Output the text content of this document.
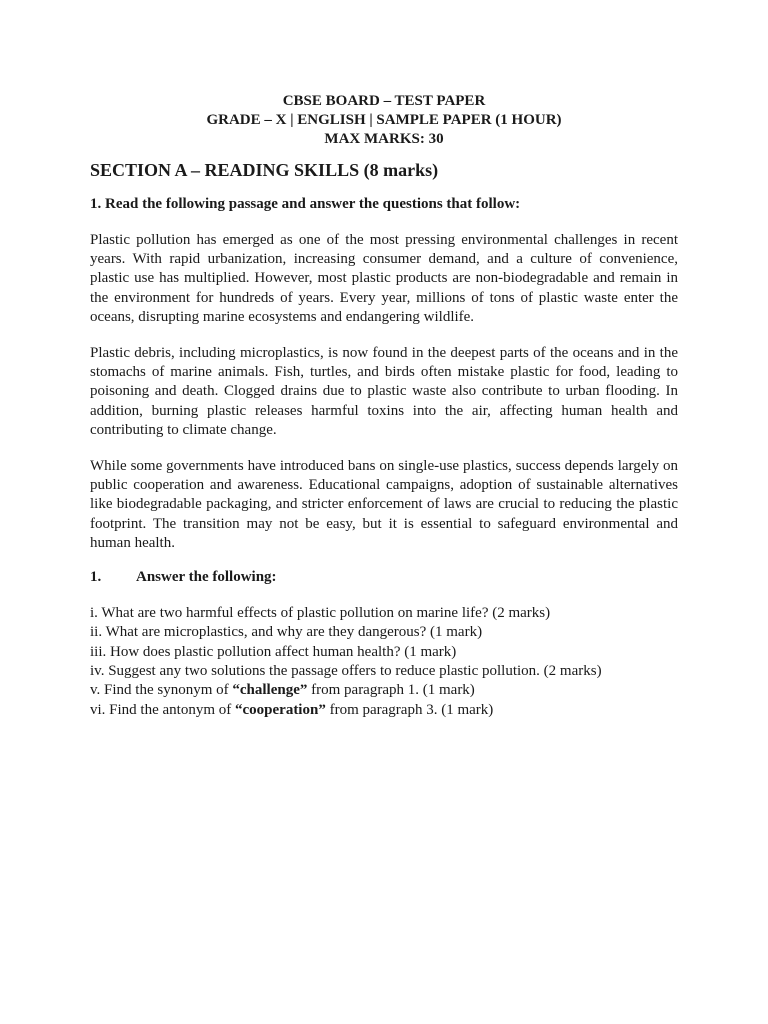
CBSE BOARD – TEST PAPER

GRADE – X | ENGLISH | SAMPLE PAPER (1 HOUR)

MAX MARKS: 30

SECTION A – READING SKILLS (8 marks)

1. Read the following passage and answer the questions that follow:

Plastic pollution has emerged as one of the most pressing environmental challenges in recent years. With rapid urbanization, increasing consumer demand, and a culture of convenience, plastic use has multiplied. However, most plastic products are non-biodegradable and remain in the environment for hundreds of years. Every year, millions of tons of plastic waste enter the oceans, disrupting marine ecosystems and endangering wildlife.

Plastic debris, including microplastics, is now found in the deepest parts of the oceans and in the stomachs of marine animals. Fish, turtles, and birds often mistake plastic for food, leading to poisoning and death. Clogged drains due to plastic waste also contribute to urban flooding. In addition, burning plastic releases harmful toxins into the air, affecting human health and contributing to climate change.

While some governments have introduced bans on single-use plastics, success depends largely on public cooperation and awareness. Educational campaigns, adoption of sustainable alternatives like biodegradable packaging, and stricter enforcement of laws are crucial to reducing the plastic footprint. The transition may not be easy, but it is essential to safeguard environmental and human health.

1.	Answer the following:
i. What are two harmful effects of plastic pollution on marine life? (2 marks)
ii. What are microplastics, and why are they dangerous? (1 mark)
iii. How does plastic pollution affect human health? (1 mark)
iv. Suggest any two solutions the passage offers to reduce plastic pollution. (2 marks)
v. Find the synonym of “challenge” from paragraph 1. (1 mark)
vi. Find the antonym of “cooperation” from paragraph 3. (1 mark)
